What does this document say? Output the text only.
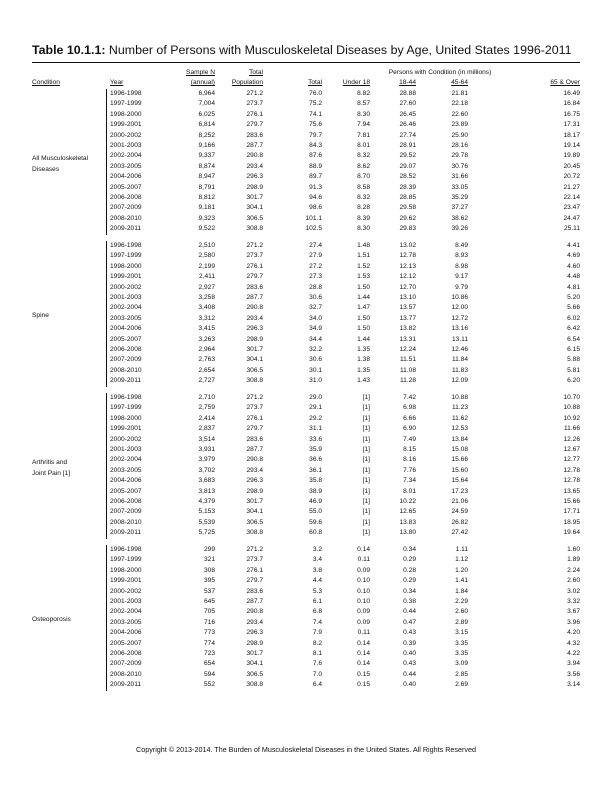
Table 10.1.1: Number of Persons with Musculoskeletal Diseases by Age, United States 1996-2011
Condition	Year
Sample N
(annual)
Total
Population
Persons with Condition (in millions)
Total	Under 18	18-44	45-64	65 & Over
All Musculoskeletal
Diseases
1996-1998	6,964	271.2	76.0	8.82	28.88	21.81	16.49
1997-1999	7,004	273.7	75.2	8.57	27.60	22.18	16.84
1998-2000	6,025	276.1	74.1	8.30	26.45	22.60	16.75
1999-2001	6,814	279.7	75.6	7.94	26.46	23.89	17.31
2000-2002	8,252	283.6	79.7	7.81	27.74	25.90	18.17
2001-2003	9,166	287.7	84.3	8.01	28.91	28.16	19.14
2002-2004	9,337	290.8	87.6	8.32	29.52	29.78	19.89
2003-2005	8,874	293.4	88.9	8.62	29.07	30.76	20.45
2004-2006	8,947	296.3	89.7	8.70	28.52	31.66	20.72
2005-2007	8,791	298.9	91.3	8.58	28.39	33.05	21.27
2006-2008	8,812	301.7	94.6	8.32	28.85	35.29	22.14
2007-2009	9,181	304.1	98.6	8.28	29.58	37.27	23.47
2008-2010	9,323	306.5	101.1	8.39	29.62	38.62	24.47
2009-2011	9,522	308.8	102.5	8.30	29.83	39.26	25.11
Spine
1996-1998	2,510	271.2	27.4	1.48	13.02	8.49	4.41
1997-1999	2,580	273.7	27.9	1.51	12.78	8.93	4.69
1998-2000	2,199	276.1	27.2	1.52	12.13	8.98	4.60
1999-2001	2,411	279.7	27.3	1.53	12.12	9.17	4.48
2000-2002	2,927	283.6	28.8	1.50	12.70	9.79	4.81
2001-2003	3,258	287.7	30.6	1.44	13.10	10.86	5.20
2002-2004	3,408	290.8	32.7	1.47	13.57	12.00	5.66
2003-2005	3,312	293.4	34.0	1.50	13.77	12.72	6.02
2004-2006	3,415	296.3	34.9	1.50	13.82	13.16	6.42
2005-2007	3,263	298.9	34.4	1.44	13.31	13.11	6.54
2006-2008	2,964	301.7	32.2	1.35	12.24	12.46	6.15
2007-2009	2,763	304.1	30.6	1.38	11.51	11.84	5.88
2008-2010	2,654	306.5	30.1	1.35	11.08	11.83	5.81
2009-2011	2,727	308.8	31.0	1.43	11.28	12.09	6.20
Arthritis and
Joint Pain [1]
1996-1998	2,710	271.2	29.0	[1]	7.42	10.88	10.70
1997-1999	2,759	273.7	29.1	[1]	6.98	11.23	10.88
1998-2000	2,414	276.1	29.2	[1]	6.66	11.62	10.92
1999-2001	2,837	279.7	31.1	[1]	6.90	12.53	11.66
2000-2002	3,514	283.6	33.6	[1]	7.49	13.84	12.26
2001-2003	3,931	287.7	35.9	[1]	8.15	15.08	12.67
2002-2004	3,979	290.8	36.6	[1]	8.16	15.66	12.77
2003-2005	3,702	293.4	36.1	[1]	7.76	15.60	12.78
2004-2006	3,683	296.3	35.8	[1]	7.34	15.64	12.78
2005-2007	3,813	298.9	38.9	[1]	8.01	17.23	13.65
2006-2008	4,379	301.7	46.9	[1]	10.22	21.06	15.66
2007-2009	5,153	304.1	55.0	[1]	12.65	24.59	17.71
2008-2010	5,539	306.5	59.6	[1]	13.83	26.82	18.95
2009-2011	5,725	308.8	60.8	[1]	13.80	27.42	19.64
Osteoporosis
1996-1998	299	271.2	3.2	0.14	0.34	1.11	1.60
1997-1999	321	273.7	3.4	0.11	0.29	1.12	1.89
1998-2000	308	276.1	3.8	0.09	0.28	1.20	2.24
1999-2001	395	279.7	4.4	0.10	0.29	1.41	2.60
2000-2002	537	283.6	5.3	0.10	0.34	1.84	3.02
2001-2003	645	287.7	6.1	0.10	0.38	2.29	3.32
2002-2004	705	290.8	6.8	0.09	0.44	2.60	3.67
2003-2005	716	293.4	7.4	0.09	0.47	2.89	3.96
2004-2006	773	296.3	7.9	0.11	0.43	3.15	4.20
2005-2007	774	298.9	8.2	0.14	0.39	3.35	4.32
2006-2008	723	301.7	8.1	0.14	0.40	3.35	4.22
2007-2009	654	304.1	7.6	0.14	0.43	3.09	3.94
2008-2010	594	306.5	7.0	0.15	0.44	2.85	3.56
2009-2011	552	308.8	6.4	0.15	0.40	2.69	3.14
Copyright © 2013-2014. The Burden of Musculoskeletal Diseases in the United States. All Rights Reserved
